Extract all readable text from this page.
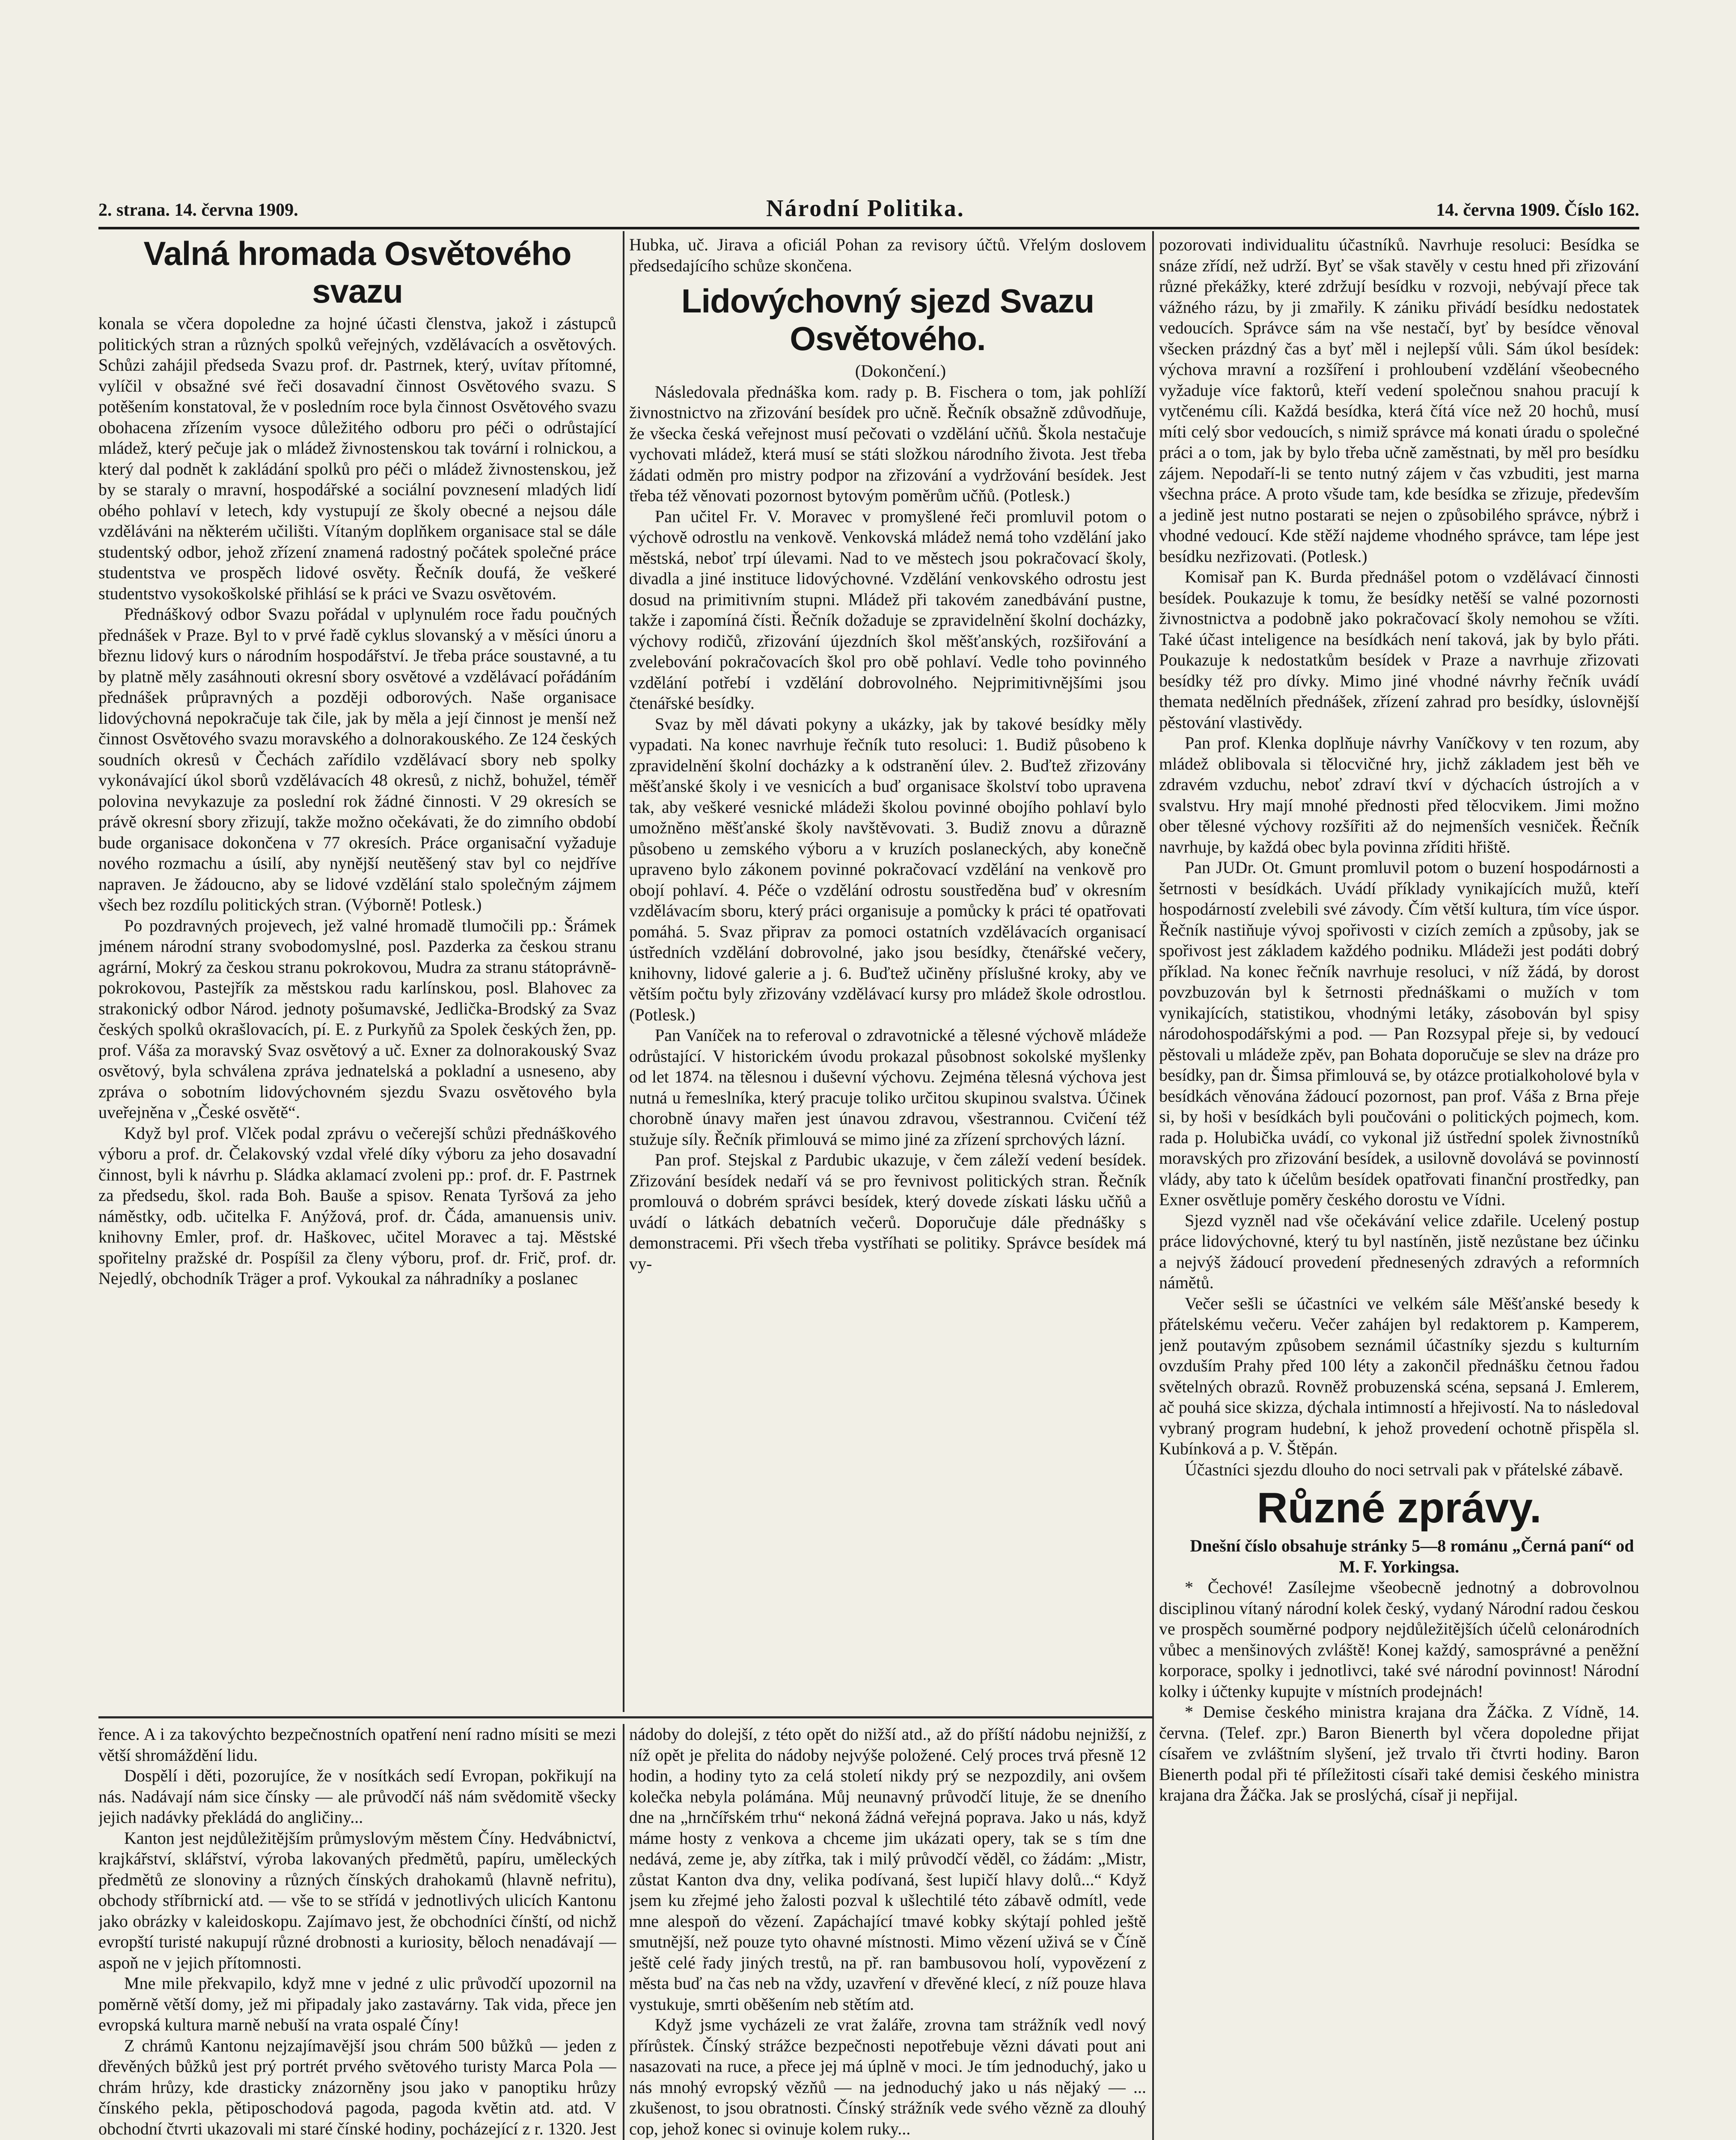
2. strana. 14. června 1909.	Národní Politika.	14. června 1909. Číslo 162.
Valná hromada Osvětového svazu

konala se včera dopoledne za hojné účasti členstva, jakož i zástupců politických stran a různých spolků veřejných, vzdělávacích a osvětových. Schůzi zahájil předseda Svazu prof. dr. Pastrnek, který, uvítav přítomné, vylíčil v obsažné své řeči dosavadní činnost Osvětového svazu. S potěšením konstatoval, že v posledním roce byla činnost Osvětového svazu obohacena zřízením vysoce důležitého odboru pro péči o odrůstající mládež, který pečuje jak o mládež živnostenskou tak tovární i rolnickou, a který dal podnět k zakládání spolků pro péči o mládež živnostenskou, jež by se staraly o mravní, hospodářské a sociální povznesení mladých lidí obého pohlaví v letech, kdy vystupují ze školy obecné a nejsou dále vzděláváni na některém učilišti. Vítaným doplňkem organisace stal se dále studentský odbor, jehož zřízení znamená radostný počátek společné práce studentstva ve prospěch lidové osvěty. Řečník doufá, že veškeré studentstvo vysokoškolské přihlásí se k práci ve Svazu osvětovém.

Přednáškový odbor Svazu pořádal v uplynulém roce řadu poučných přednášek v Praze. Byl to v prvé řadě cyklus slovanský a v měsíci únoru a březnu lidový kurs o národním hospodářství. Je třeba práce soustavné, a tu by platně měly zasáhnouti okresní sbory osvětové a vzdělávací pořádáním přednášek průpravných a později odborových. Naše organisace lidovýchovná nepokračuje tak čile, jak by měla a její činnost je menší než činnost Osvětového svazu moravského a dolnorakouského. Ze 124 českých soudních okresů v Čechách zařídilo vzdělávací sbory neb spolky vykonávající úkol sborů vzdělávacích 48 okresů, z nichž, bohužel, téměř polovina nevykazuje za poslední rok žádné činnosti. V 29 okresích se právě okresní sbory zřizují, takže možno očekávati, že do zimního období bude organisace dokončena v 77 okresích. Práce organisační vyžaduje nového rozmachu a úsilí, aby nynější neutěšený stav byl co nejdříve napraven. Je žádoucno, aby se lidové vzdělání stalo společným zájmem všech bez rozdílu politických stran. (Výborně! Potlesk.)

Po pozdravných projevech, jež valné hromadě tlumočili pp.: Šrámek jménem národní strany svobodomyslné, posl. Pazderka za českou stranu agrární, Mokrý za českou stranu pokrokovou, Mudra za stranu státoprávně-pokrokovou, Pastejřík za městskou radu karlínskou, posl. Blahovec za strakonický odbor Národ. jednoty pošumavské, Jedlička-Brodský za Svaz českých spolků okrašlovacích, pí. E. z Purkyňů za Spolek českých žen, pp. prof. Váša za moravský Svaz osvětový a uč. Exner za dolnorakouský Svaz osvětový, byla schválena zpráva jednatelská a pokladní a usneseno, aby zpráva o sobotním lidovýchovném sjezdu Svazu osvětového byla uveřejněna v „České osvětě“.

Když byl prof. Vlček podal zprávu o večerejší schůzi přednáškového výboru a prof. dr. Čelakovský vzdal vřelé díky výboru za jeho dosavadní činnost, byli k návrhu p. Sládka aklamací zvoleni pp.: prof. dr. F. Pastrnek za předsedu, škol. rada Boh. Bauše a spisov. Renata Tyršová za jeho náměstky, odb. učitelka F. Anýžová, prof. dr. Čáda, amanuensis univ. knihovny Emler, prof. dr. Haškovec, učitel Moravec a taj. Městské spořitelny pražské dr. Pospíšil za členy výboru, prof. dr. Frič, prof. dr. Nejedlý, obchodník Träger a prof. Vykoukal za náhradníky a poslanec

Hubka, uč. Jirava a oficiál Pohan za revisory účtů. Vřelým doslovem předsedajícího schůze skončena.

Lidovýchovný sjezd Svazu Osvětového.

(Dokončení.)

Následovala přednáška kom. rady p. B. Fischera o tom, jak pohlíží živnostnictvo na zřizování besídek pro učně. Řečník obsažně zdůvodňuje, že všecka česká veřejnost musí pečovati o vzdělání učňů. Škola nestačuje vychovati mládež, která musí se státi složkou národního života. Jest třeba žádati odměn pro mistry podpor na zřizování a vydržování besídek. Jest třeba též věnovati pozornost bytovým poměrům učňů. (Potlesk.)

Pan učitel Fr. V. Moravec v promyšlené řeči promluvil potom o výchově odrostlu na venkově. Venkovská mládež nemá toho vzdělání jako městská, neboť trpí úlevami. Nad to ve městech jsou pokračovací školy, divadla a jiné instituce lidovýchovné. Vzdělání venkovského odrostu jest dosud na primitivním stupni. Mládež při takovém zanedbávání pustne, takže i zapomíná čísti. Řečník dožaduje se zpravidelnění školní docházky, výchovy rodičů, zřizování újezdních škol měšťanských, rozšiřování a zvelebování pokračovacích škol pro obě pohlaví. Vedle toho povinného vzdělání potřebí i vzdělání dobrovolného. Nejprimitivnějšími jsou čtenářské besídky.

Svaz by měl dávati pokyny a ukázky, jak by takové besídky měly vypadati. Na konec navrhuje řečník tuto resoluci: 1. Budiž působeno k zpravidelnění školní docházky a k odstranění úlev. 2. Buďtež zřizovány měšťanské školy i ve vesnicích a buď organisace školství tobo upravena tak, aby veškeré vesnické mládeži školou povinné obojího pohlaví bylo umožněno měšťanské školy navštěvovati. 3. Budiž znovu a důrazně působeno u zemského výboru a v kruzích poslaneckých, aby konečně upraveno bylo zákonem povinné pokračovací vzdělání na venkově pro obojí pohlaví. 4. Péče o vzdělání odrostu soustředěna buď v okresním vzdělávacím sboru, který práci organisuje a pomůcky k práci té opatřovati pomáhá. 5. Svaz připrav za pomoci ostatních vzdělávacích organisací ústředních vzdělání dobrovolné, jako jsou besídky, čtenářské večery, knihovny, lidové galerie a j. 6. Buďtež učiněny příslušné kroky, aby ve větším počtu byly zřizovány vzdělávací kursy pro mládež škole odrostlou. (Potlesk.)

Pan Vaníček na to referoval o zdravotnické a tělesné výchově mládeže odrůstající. V historickém úvodu prokazal působnost sokolské myšlenky od let 1874. na tělesnou i duševní výchovu. Zejména tělesná výchova jest nutná u řemeslníka, který pracuje tolikо určitou skupinou svalstva. Účinek chorobně únavy mařen jest únavou zdravou, všestrannou. Cvičení též stužuje síly. Řečník přimlouvá se mimo jiné za zřízení sprchových lázní.

Pan prof. Stejskal z Pardubic ukazuje, v čem záleží vedení besídek. Zřizování besídek nedaří vá se pro řevnivost politických stran. Řečník promlouvá o dobrém správci besídek, který dovede získati lásku učňů a uvádí o látkách debatních večerů. Doporučuje dále přednášky s demonstracemi. Při všech třeba vystříhati se politiky. Správce besídek má vy-

pozorovati individualitu účastníků. Navrhuje resoluci: Besídka se snáze zřídí, než udrží. Byť se však stavěly v cestu hned při zřizování různé překážky, které zdržují besídku v rozvoji, nebývají přece tak vážného rázu, by ji zmařily. K zániku přivádí besídku nedostatek vedoucích. Správce sám na vše nestačí, byť by besídce věnoval všecken prázdný čas a byť měl i nejlepší vůli. Sám úkol besídek: výchova mravní a rozšíření i prohloubení vzdělání všeobecného vyžaduje více faktorů, kteří vedení společnou snahou pracují k vytčenému cíli. Každá besídka, která čítá více než 20 hochů, musí míti celý sbor vedoucích, s nimiž správce má konati úradu o společné práci a o tom, jak by bylo třeba učně zaměstnati, by měl pro besídku zájem. Nepodaří-li se tento nutný zájem v čas vzbuditi, jest marna všechna práce. A proto všude tam, kde besídka se zřizuje, především a jedině jest nutno postarati se nejen o způsobilého správce, nýbrž i vhodné vedoucí. Kde stěží najdeme vhodného správce, tam lépe jest besídku nezřizovati. (Potlesk.)

Komisař pan K. Burda přednášel potom o vzdělávací činnosti besídek. Poukazuje k tomu, že besídky netěší se valné pozornosti živnostnictva a podobně jako pokračovací školy nemohou se vžíti. Také účast inteligence na besídkách není taková, jak by bylo přáti. Poukazuje k nedostatkům besídek v Praze a navrhuje zřizovati besídky též pro dívky. Mimo jiné vhodné návrhy řečník uvádí themata nedělních přednášek, zřízení zahrad pro besídky, úslovnější pěstování vlastivědy.

Pan prof. Klenka doplňuje návrhy Vaníčkovy v ten rozum, aby mládež oblibovala si tělocvičné hry, jichž základem jest běh ve zdravém vzduchu, neboť zdraví tkví v dýchacích ústrojích a v svalstvu. Hry mají mnohé přednosti před tělocvikem. Jimi možno ober tělesné výchovy rozšířiti až do nejmenších vesniček. Řečník navrhuje, by každá obec byla povinna zříditi hřiště.

Pan JUDr. Ot. Gmunt promluvil potom o buzení hospodárnosti a šetrnosti v besídkách. Uvádí příklady vynikajících mužů, kteří hospodárností zvelebili své závody. Čím větší kultura, tím více úspor. Řečník nastiňuje vývoj spořivosti v cizích zemích a způsoby, jak se spořivost jest základem každého podniku. Mládeži jest podáti dobrý příklad. Na konec řečník navrhuje resoluci, v níž žádá, by dorost povzbuzován byl k šetrnosti přednáškami o mužích v tom vynikajících, statistikou, vhodnými letáky, zásobován byl spisy národohospodářskými a pod. — Pan Rozsypal přeje si, by vedoucí pěstovali u mládeže zpěv, pan Bohata doporučuje se slev na dráze pro besídky, pan dr. Šimsa přimlouvá se, by otázce protialkoholové byla v besídkách věnována žádoucí pozornost, pan prof. Váša z Brna přeje si, by hoši v besídkách byli poučováni o politických pojmech, kom. rada p. Holubička uvádí, co vykonal již ústřední spolek živnostníků moravských pro zřizování besídek, a usilovně dovolává se povinností vlády, aby tato k účelům besídek opatřovati finanční prostředky, pan Exner osvětluje poměry českého dorostu ve Vídni.

Sjezd vyzněl nad vše očekávání velice zdařile. Ucelený postup práce lidovýchovné, který tu byl nastíněn, jistě nezůstane bez účinku a nejvýš žádoucí provedení přednesených zdravých a reformních námětů.

Večer sešli se účastníci ve velkém sále Měšťanské besedy k přátelskému večeru. Večer zahájen byl redaktorem p. Kamperem, jenž poutavým způsobem seznámil účastníky sjezdu s kulturním ovzduším Prahy před 100 léty a zakončil přednášku četnou řadou světelných obrazů. Rovněž probuzenská scéna, sepsaná J. Emlerem, ač pouhá sice skizza, dýchala intimností a hřejivostí. Na to následoval vybraný program hudební, k jehož provedení ochotně přispěla sl. Kubínková a p. V. Štěpán.

Účastníci sjezdu dlouho do noci setrvali pak v přátelské zábavě.

Různé zprávy.

Dnešní číslo obsahuje stránky 5—8 románu „Černá paní“ od M. F. Yorkingsa.

* Čechové! Zasílejme všeobecně jednotný a dobrovolnou disciplinou vítaný národní kolek český, vydaný Národní radou českou ve prospěch souměrné podpory nejdůležitějších účelů celonárodních vůbec a menšinových zvláště! Konej každý, samosprávné a peněžní korporace, spolky i jednotlivci, také své národní povinnost! Národní kolky i účtenky kupujte v místních prodejnách!

* Demise českého ministra krajana dra Žáčka. Z Vídně, 14. června. (Telef. zpr.) Baron Bienerth byl včera dopoledne přijat císařem ve zvláštním slyšení, jež trvalo tři čtvrti hodiny. Baron Bienerth podal při té příležitosti císaři také demisi českého ministra krajana dra Žáčka. Jak se proslýchá, císař ji nepřijal.

řence. A i za takovýchto bezpečnostních opatření není radno mísiti se mezi větší shromáždění lidu.

Dospělí i děti, pozorujíce, že v nosítkách sedí Evropan, pokřikují na nás. Nadávají nám sice čínsky — ale průvodčí náš nám svědomitě všecky jejich nadávky překládá do angličiny...

Kanton jest nejdůležitějším průmyslovým městem Číny. Hedvábnictví, krajkářství, sklářství, výroba lakovaných předmětů, papíru, uměleckých předmětů ze slonoviny a různých čínských drahokamů (hlavně nefritu), obchody stříbrnickí atd. — vše to se střídá v jednotlivých ulicích Kantonu jako obrázky v kaleidoskopu. Zajímavo jest, že obchodníci čínští, od nichž evropští turisté nakupují různé drobnosti a kuriosity, běloch nenadávají — aspoň ne v jejich přítomnosti.

Mne mile překvapilo, když mne v jedné z ulic průvodčí upozornil na poměrně větší domy, jež mi připadaly jako zastavárny. Tak vida, přece jen evropská kultura marně nebuší na vrata ospalé Číny!

Z chrámů Kantonu nejzajímavější jsou chrám 500 bůžků — jeden z dřevěných bůžků jest prý portrét prvého světového turisty Marca Pola — chrám hrůzy, kde drasticky znázorněny jsou jako v panoptiku hrůzy čínského pekla, pětiposchodová pagoda, pagoda květin atd. atd. V obchodní čtvrti ukazovali mi staré čínské hodiny, pocházející z r. 1320. Jest

nádoby do dolejší, z této opět do nižší atd., až do příští nádobu nejnižší, z níž opět je přelita do nádoby nejvýše položené. Celý proces trvá přesně 12 hodin, a hodiny tyto za celá století nikdy prý se nezpozdily, ani ovšem kolečka nebyla polámána. Můj neunavný průvodčí lituje, že se dneního dne na „hrnčířském trhu“ nekoná žádná veřejná poprava. Jako u nás, když máme hosty z venkova a chceme jim ukázati opery, tak se s tím dne nedává, zeme je, aby zítřka, tak i milý průvodčí věděl, co žádám: „Mistr, zůstat Kanton dva dny, velika podívaná, šest lupičí hlavy dolů...“ Když jsem ku zřejmé jeho žalosti pozval k ušlechtilé této zábavě odmítl, vede mne alespoň do vězení. Zapáchající tmavé kobky skýtají pohled ještě smutnější, než pouze tyto ohavné místnosti. Mimo vězení uživá se v Číně ještě celé řady jiných trestů, na př. ran bambusovou holí, vypovězení z města buď na čas neb na vždy, uzavření v dřevěné klecí, z níž pouze hlava vystukuje, smrti oběšením neb stětím atd.

Když jsme vycházeli ze vrat žaláře, zrovna tam strážník vedl nový přírůstek. Čínský strážce bezpečnosti nepotřebuje vězni dávati pout ani nasazovati na ruce, a přece jej má úplně v moci. Je tím jednoduchý, jako u nás mnohý evropský vězňů — na jednoduchý jako u nás nějaký — ... zkušenost, to jsou obratnosti. Čínský strážník vede svého vězně za dlouhý cop, jehož konec si ovinuje kolem ruky...
